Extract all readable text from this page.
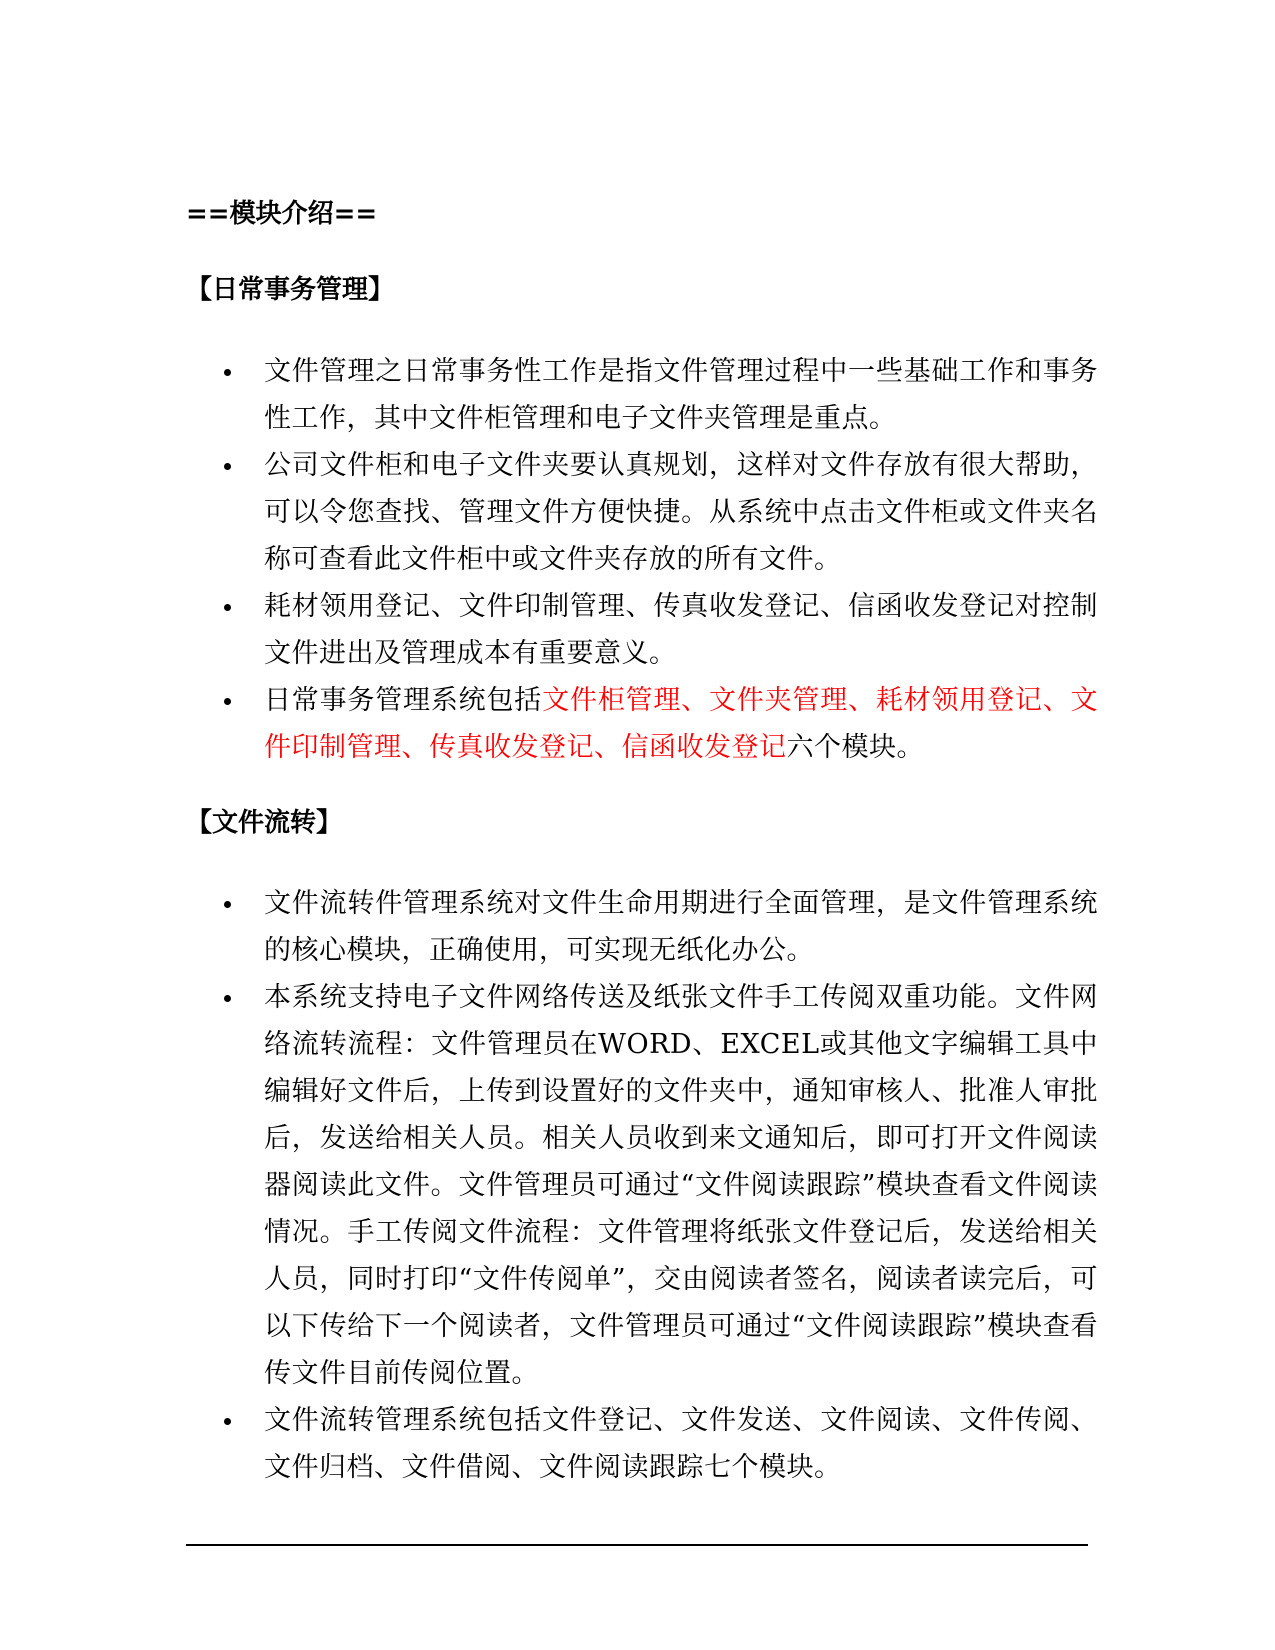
==模块介绍==
【日常事务管理】
文件管理之日常事务性工作是指文件管理过程中一些基础工作和事务性工作，其中文件柜管理和电子文件夹管理是重点。
公司文件柜和电子文件夹要认真规划，这样对文件存放有很大帮助，可以令您查找、管理文件方便快捷。从系统中点击文件柜或文件夹名称可查看此文件柜中或文件夹存放的所有文件。
耗材领用登记、文件印制管理、传真收发登记、信函收发登记对控制文件进出及管理成本有重要意义。
日常事务管理系统包括文件柜管理、文件夹管理、耗材领用登记、文件印制管理、传真收发登记、信函收发登记六个模块。
【文件流转】
文件流转件管理系统对文件生命用期进行全面管理，是文件管理系统的核心模块，正确使用，可实现无纸化办公。
本系统支持电子文件网络传送及纸张文件手工传阅双重功能。文件网络流转流程：文件管理员在WORD、EXCEL或其他文字编辑工具中编辑好文件后，上传到设置好的文件夹中，通知审核人、批准人审批后，发送给相关人员。相关人员收到来文通知后，即可打开文件阅读器阅读此文件。文件管理员可通过“文件阅读跟踪”模块查看文件阅读情况。手工传阅文件流程：文件管理将纸张文件登记后，发送给相关人员，同时打印“文件传阅单”，交由阅读者签名，阅读者读完后，可以下传给下一个阅读者，文件管理员可通过“文件阅读跟踪”模块查看传文件目前传阅位置。
文件流转管理系统包括文件登记、文件发送、文件阅读、文件传阅、文件归档、文件借阅、文件阅读跟踪七个模块。
